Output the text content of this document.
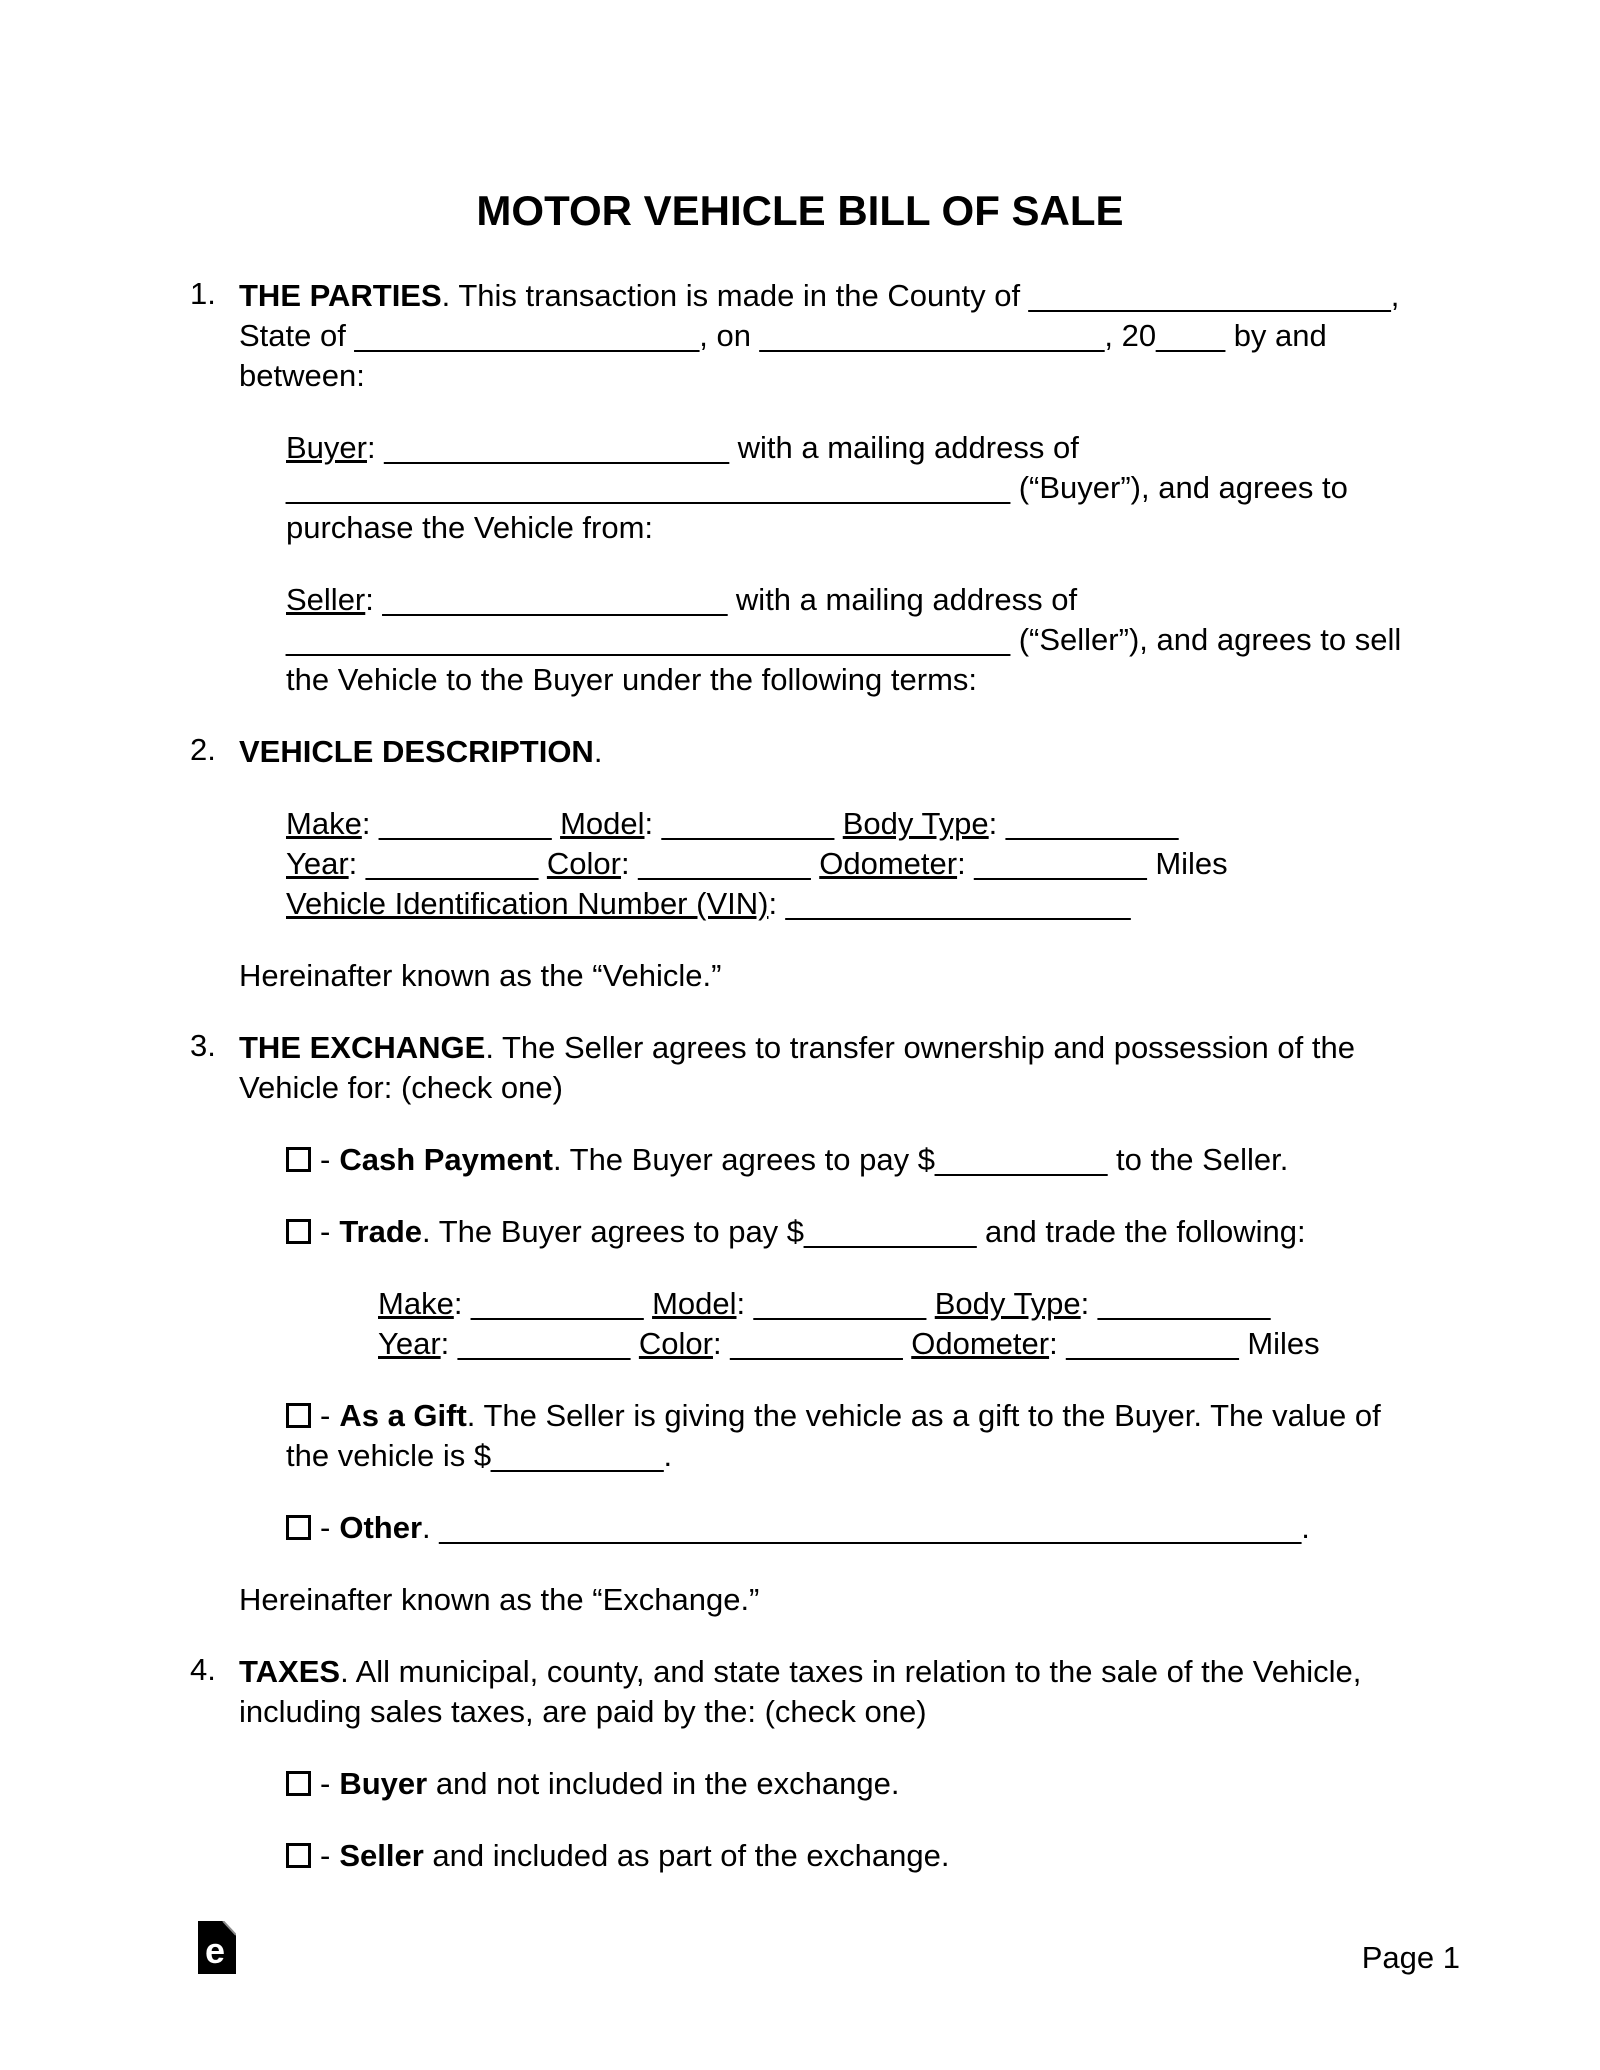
MOTOR VEHICLE BILL OF SALE
1. THE PARTIES. This transaction is made in the County of _____________________,
State of ____________________, on ____________________, 20____ by and
between:
Buyer: ____________________ with a mailing address of
__________________________________________ (“Buyer”), and agrees to
purchase the Vehicle from:
Seller: ____________________ with a mailing address of
__________________________________________ (“Seller”), and agrees to sell
the Vehicle to the Buyer under the following terms:
2. VEHICLE DESCRIPTION.
Make: __________ Model: __________ Body Type: __________
Year: __________ Color: __________ Odometer: __________ Miles
Vehicle Identification Number (VIN): ____________________
Hereinafter known as the “Vehicle.”
3. THE EXCHANGE. The Seller agrees to transfer ownership and possession of the
Vehicle for: (check one)
- Cash Payment. The Buyer agrees to pay $__________ to the Seller.
- Trade. The Buyer agrees to pay $__________ and trade the following:
Make: __________ Model: __________ Body Type: __________
Year: __________ Color: __________ Odometer: __________ Miles
- As a Gift. The Seller is giving the vehicle as a gift to the Buyer. The value of
the vehicle is $__________.
- Other. __________________________________________________.
Hereinafter known as the “Exchange.”
4. TAXES. All municipal, county, and state taxes in relation to the sale of the Vehicle,
including sales taxes, are paid by the: (check one)
- Buyer and not included in the exchange.
- Seller and included as part of the exchange.
e	Page 1
